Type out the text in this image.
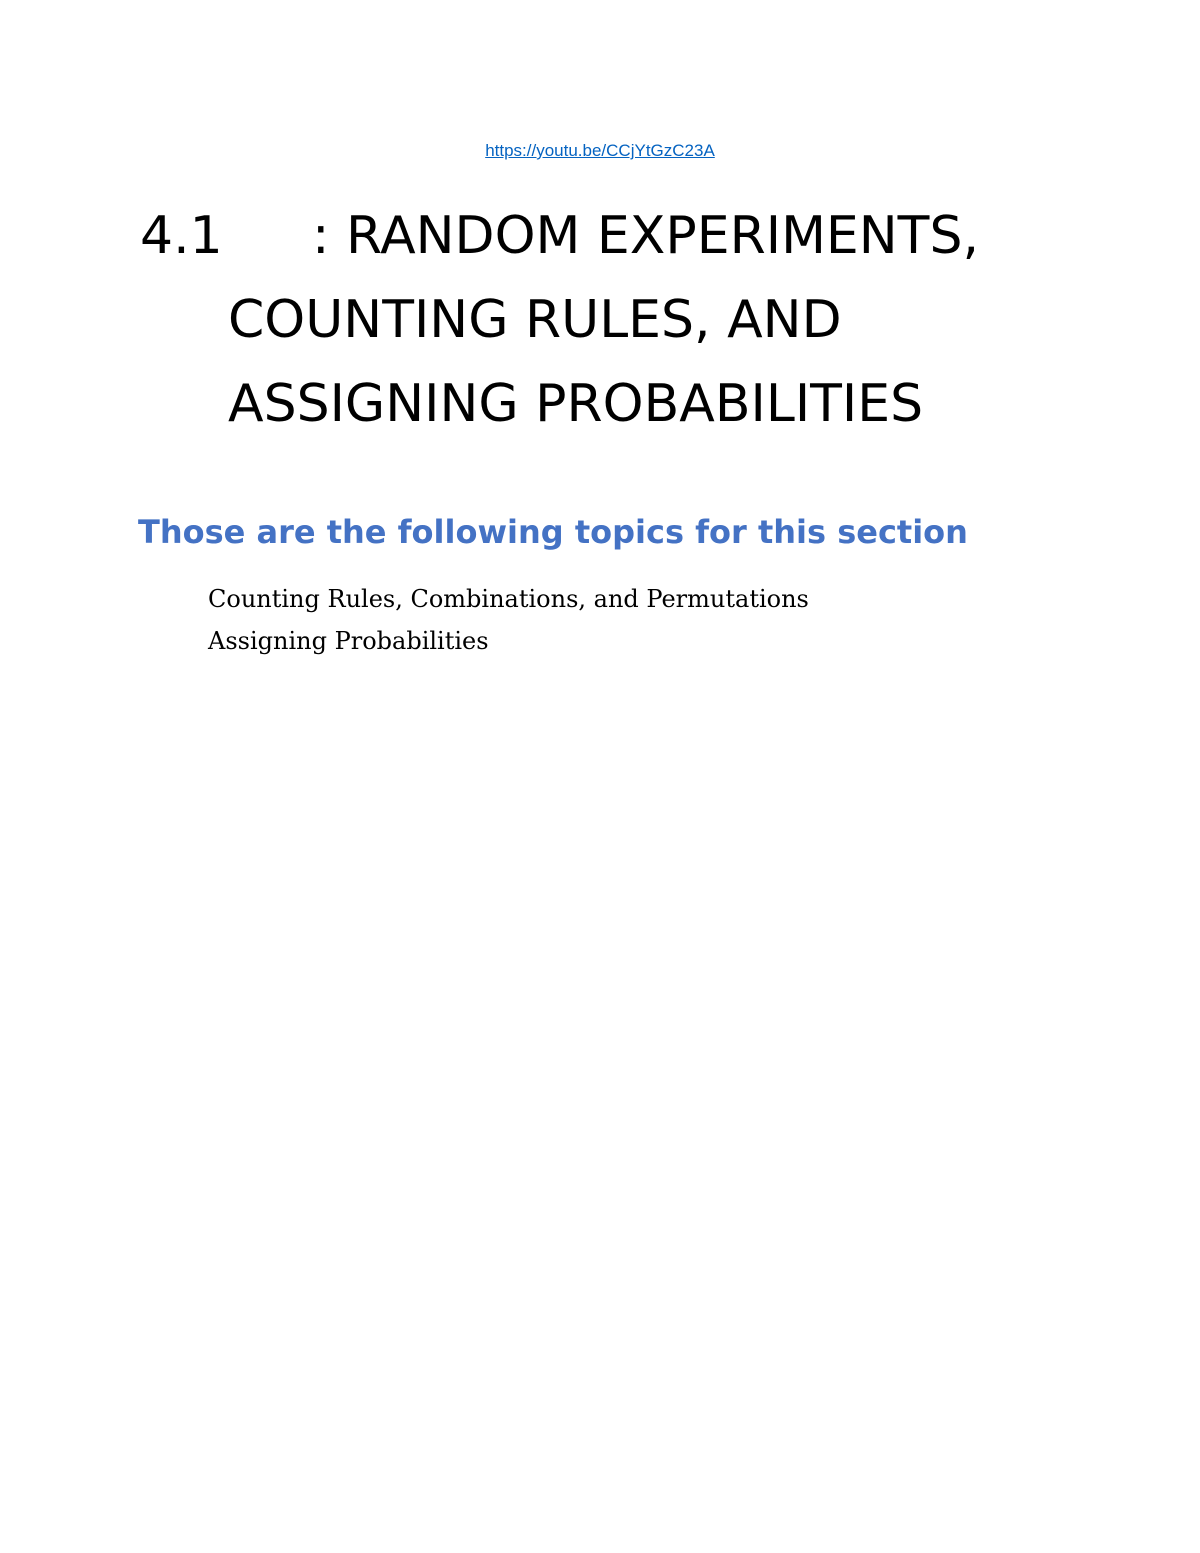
https://youtu.be/CCjYtGzC23A
4.1	: RANDOM EXPERIMENTS,
COUNTING RULES, AND
ASSIGNING PROBABILITIES
Those are the following topics for this section
Counting Rules, Combinations, and Permutations
Assigning Probabilities
